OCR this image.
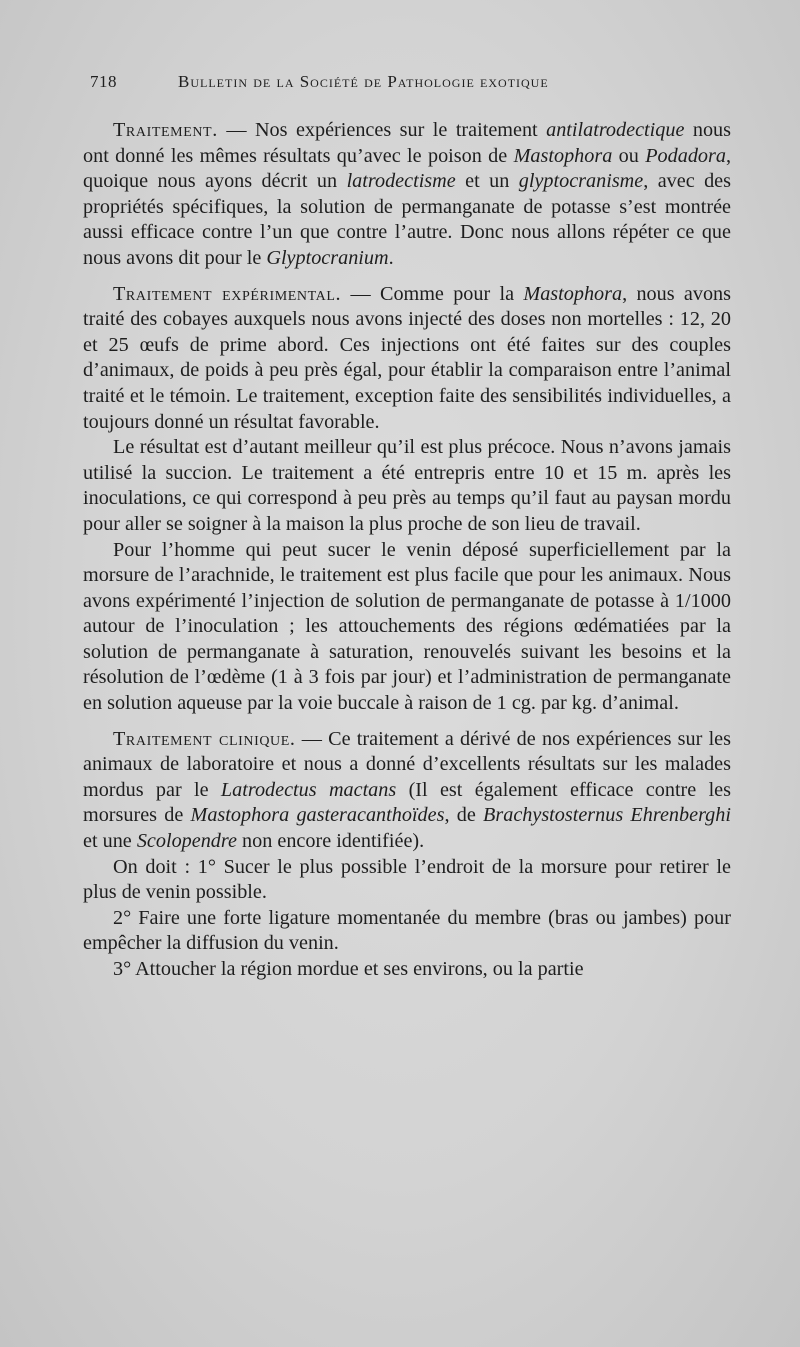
718	Bulletin de la Société de Pathologie exotique

Traitement. — Nos expériences sur le traitement antilatrodectique nous ont donné les mêmes résultats qu’avec le poison de Mastophora ou Podadora, quoique nous ayons décrit un latrodectisme et un glyptocranisme, avec des propriétés spécifiques, la solution de permanganate de potasse s’est montrée aussi efficace contre l’un que contre l’autre. Donc nous allons répéter ce que nous avons dit pour le Glyptocranium.

Traitement expérimental. — Comme pour la Mastophora, nous avons traité des cobayes auxquels nous avons injecté des doses non mortelles : 12, 20 et 25 œufs de prime abord. Ces injections ont été faites sur des couples d’animaux, de poids à peu près égal, pour établir la comparaison entre l’animal traité et le témoin. Le traitement, exception faite des sensibilités individuelles, a toujours donné un résultat favorable.

Le résultat est d’autant meilleur qu’il est plus précoce. Nous n’avons jamais utilisé la succion. Le traitement a été entrepris entre 10 et 15 m. après les inoculations, ce qui correspond à peu près au temps qu’il faut au paysan mordu pour aller se soigner à la maison la plus proche de son lieu de travail.

Pour l’homme qui peut sucer le venin déposé superficiellement par la morsure de l’arachnide, le traitement est plus facile que pour les animaux. Nous avons expérimenté l’injection de solution de permanganate de potasse à 1/1000 autour de l’inoculation ; les attouchements des régions œdématiées par la solution de permanganate à saturation, renouvelés suivant les besoins et la résolution de l’œdème (1 à 3 fois par jour) et l’administration de permanganate en solution aqueuse par la voie buccale à raison de 1 cg. par kg. d’animal.

Traitement clinique. — Ce traitement a dérivé de nos expériences sur les animaux de laboratoire et nous a donné d’excellents résultats sur les malades mordus par le Latrodectus mactans (Il est également efficace contre les morsures de Mastophora gasteracanthoïdes, de Brachystosternus Ehrenberghi et une Scolopendre non encore identifiée).

On doit : 1° Sucer le plus possible l’endroit de la morsure pour retirer le plus de venin possible.

2° Faire une forte ligature momentanée du membre (bras ou jambes) pour empêcher la diffusion du venin.

3° Attoucher la région mordue et ses environs, ou la partie
